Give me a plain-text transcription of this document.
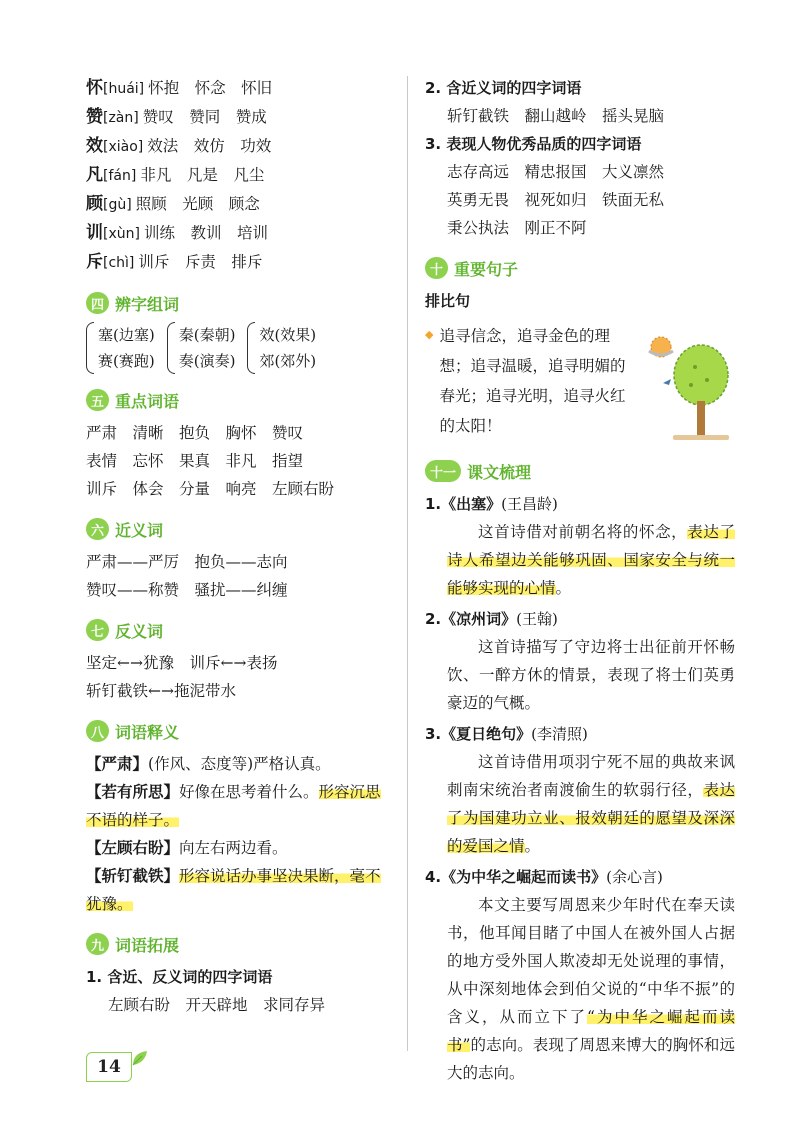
怀 [huái] 怀抱　怀念　怀旧
赞 [zàn] 赞叹　赞同　赞成
效 [xiào] 效法　效仿　功效
凡 [fán] 非凡　凡是　凡尘
顾 [gù] 照顾　光顾　顾念
训 [xùn] 训练　教训　培训
斥 [chì] 训斥　斥责　排斥
四 辨字组词
塞(边塞)
赛(赛跑)
秦(秦朝)
奏(演奏)
效(效果)
郊(郊外)
五 重点词语
严肃　清晰　抱负　胸怀　赞叹
表情　忘怀　果真　非凡　指望
训斥　体会　分量　响亮　左顾右盼
六 近义词
严肃——严厉　抱负——志向
赞叹——称赞　骚扰——纠缠
七 反义词
坚定←→犹豫　训斥←→表扬
斩钉截铁←→拖泥带水
八 词语释义
【严肃】(作风、态度等)严格认真。
【若有所思】好像在思考着什么。形容沉思不语的样子。
【左顾右盼】向左右两边看。
【斩钉截铁】形容说话办事坚决果断，毫不犹豫。
九 词语拓展
1. 含近、反义词的四字词语
左顾右盼　开天辟地　求同存异
2. 含近义词的四字词语
斩钉截铁　翻山越岭　摇头晃脑
3. 表现人物优秀品质的四字词语
志存高远　精忠报国　大义凛然
英勇无畏　视死如归　铁面无私
秉公执法　刚正不阿
十 重要句子
排比句
◆ 追寻信念，追寻金色的理想；追寻温暖，追寻明媚的春光；追寻光明，追寻火红的太阳！
十一 课文梳理
1.《出塞》(王昌龄)
这首诗借对前朝名将的怀念，表达了诗人希望边关能够巩固、国家安全与统一能够实现的心情。
2.《凉州词》(王翰)
这首诗描写了守边将士出征前开怀畅饮、一醉方休的情景，表现了将士们英勇豪迈的气概。
3.《夏日绝句》(李清照)
这首诗借用项羽宁死不屈的典故来讽刺南宋统治者南渡偷生的软弱行径，表达了为国建功立业、报效朝廷的愿望及深深的爱国之情。
4.《为中华之崛起而读书》(余心言)
本文主要写周恩来少年时代在奉天读书，他耳闻目睹了中国人在被外国人占据的地方受外国人欺凌却无处说理的事情，从中深刻地体会到伯父说的“中华不振”的含义，从而立下了“为中华之崛起而读书”的志向。表现了周恩来博大的胸怀和远大的志向。
14
